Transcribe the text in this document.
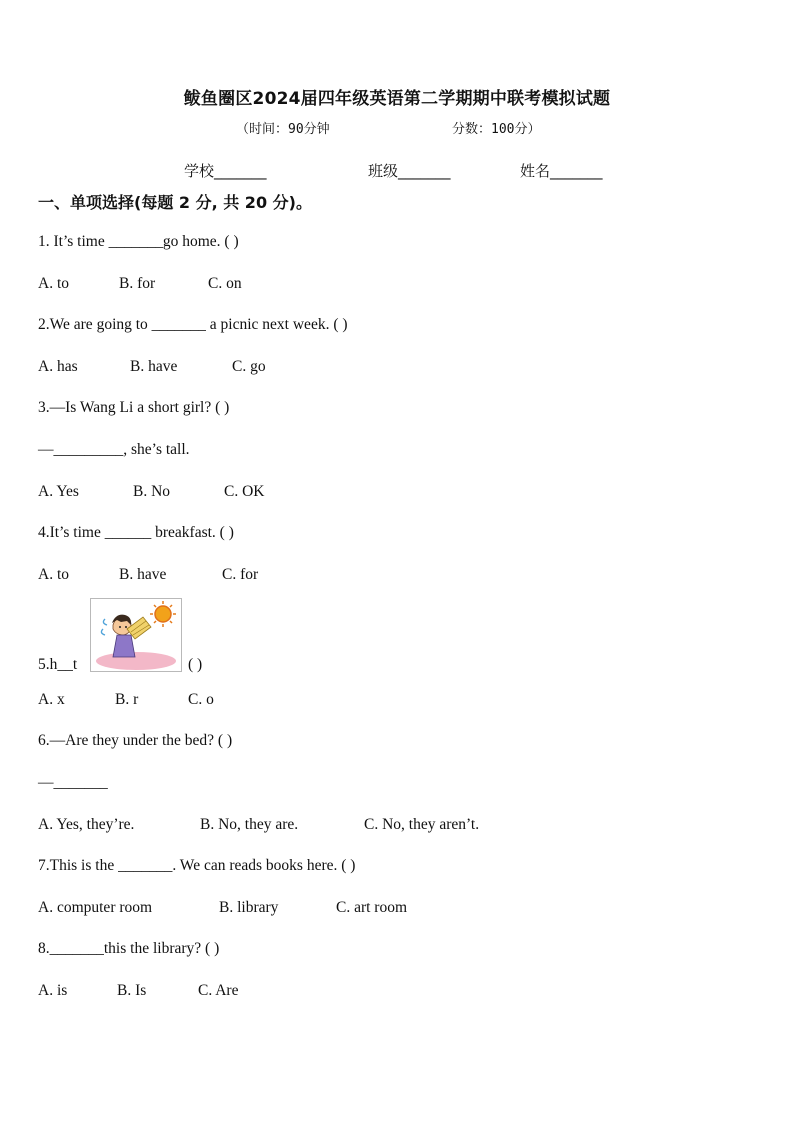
鲅鱼圈区2024届四年级英语第二学期期中联考模拟试题
（时间：90分钟	分数：100分）
学校_______	班级_______	姓名_______
一、单项选择(每题 2 分, 共 20 分)。
1. It’s time _______go home. ( )
A. to	B. for	C. on
2.We are going to _______ a picnic next week. ( )
A. has	B. have	C. go
3.—Is Wang Li a short girl? ( )
—_________, she’s tall.
A. Yes	B. No	C. OK
4.It’s time ______ breakfast. ( )
A. to	B. have	C. for
5.h__t	( )
A. x	B. r	C. o
6.—Are they under the bed? ( )
—_______
A. Yes, they’re.	B. No, they are.	C. No, they aren’t.
7.This is the _______. We can reads books here. ( )
A. computer room	B. library	C. art room
8._______this the library? ( )
A. is	B. Is	C. Are
